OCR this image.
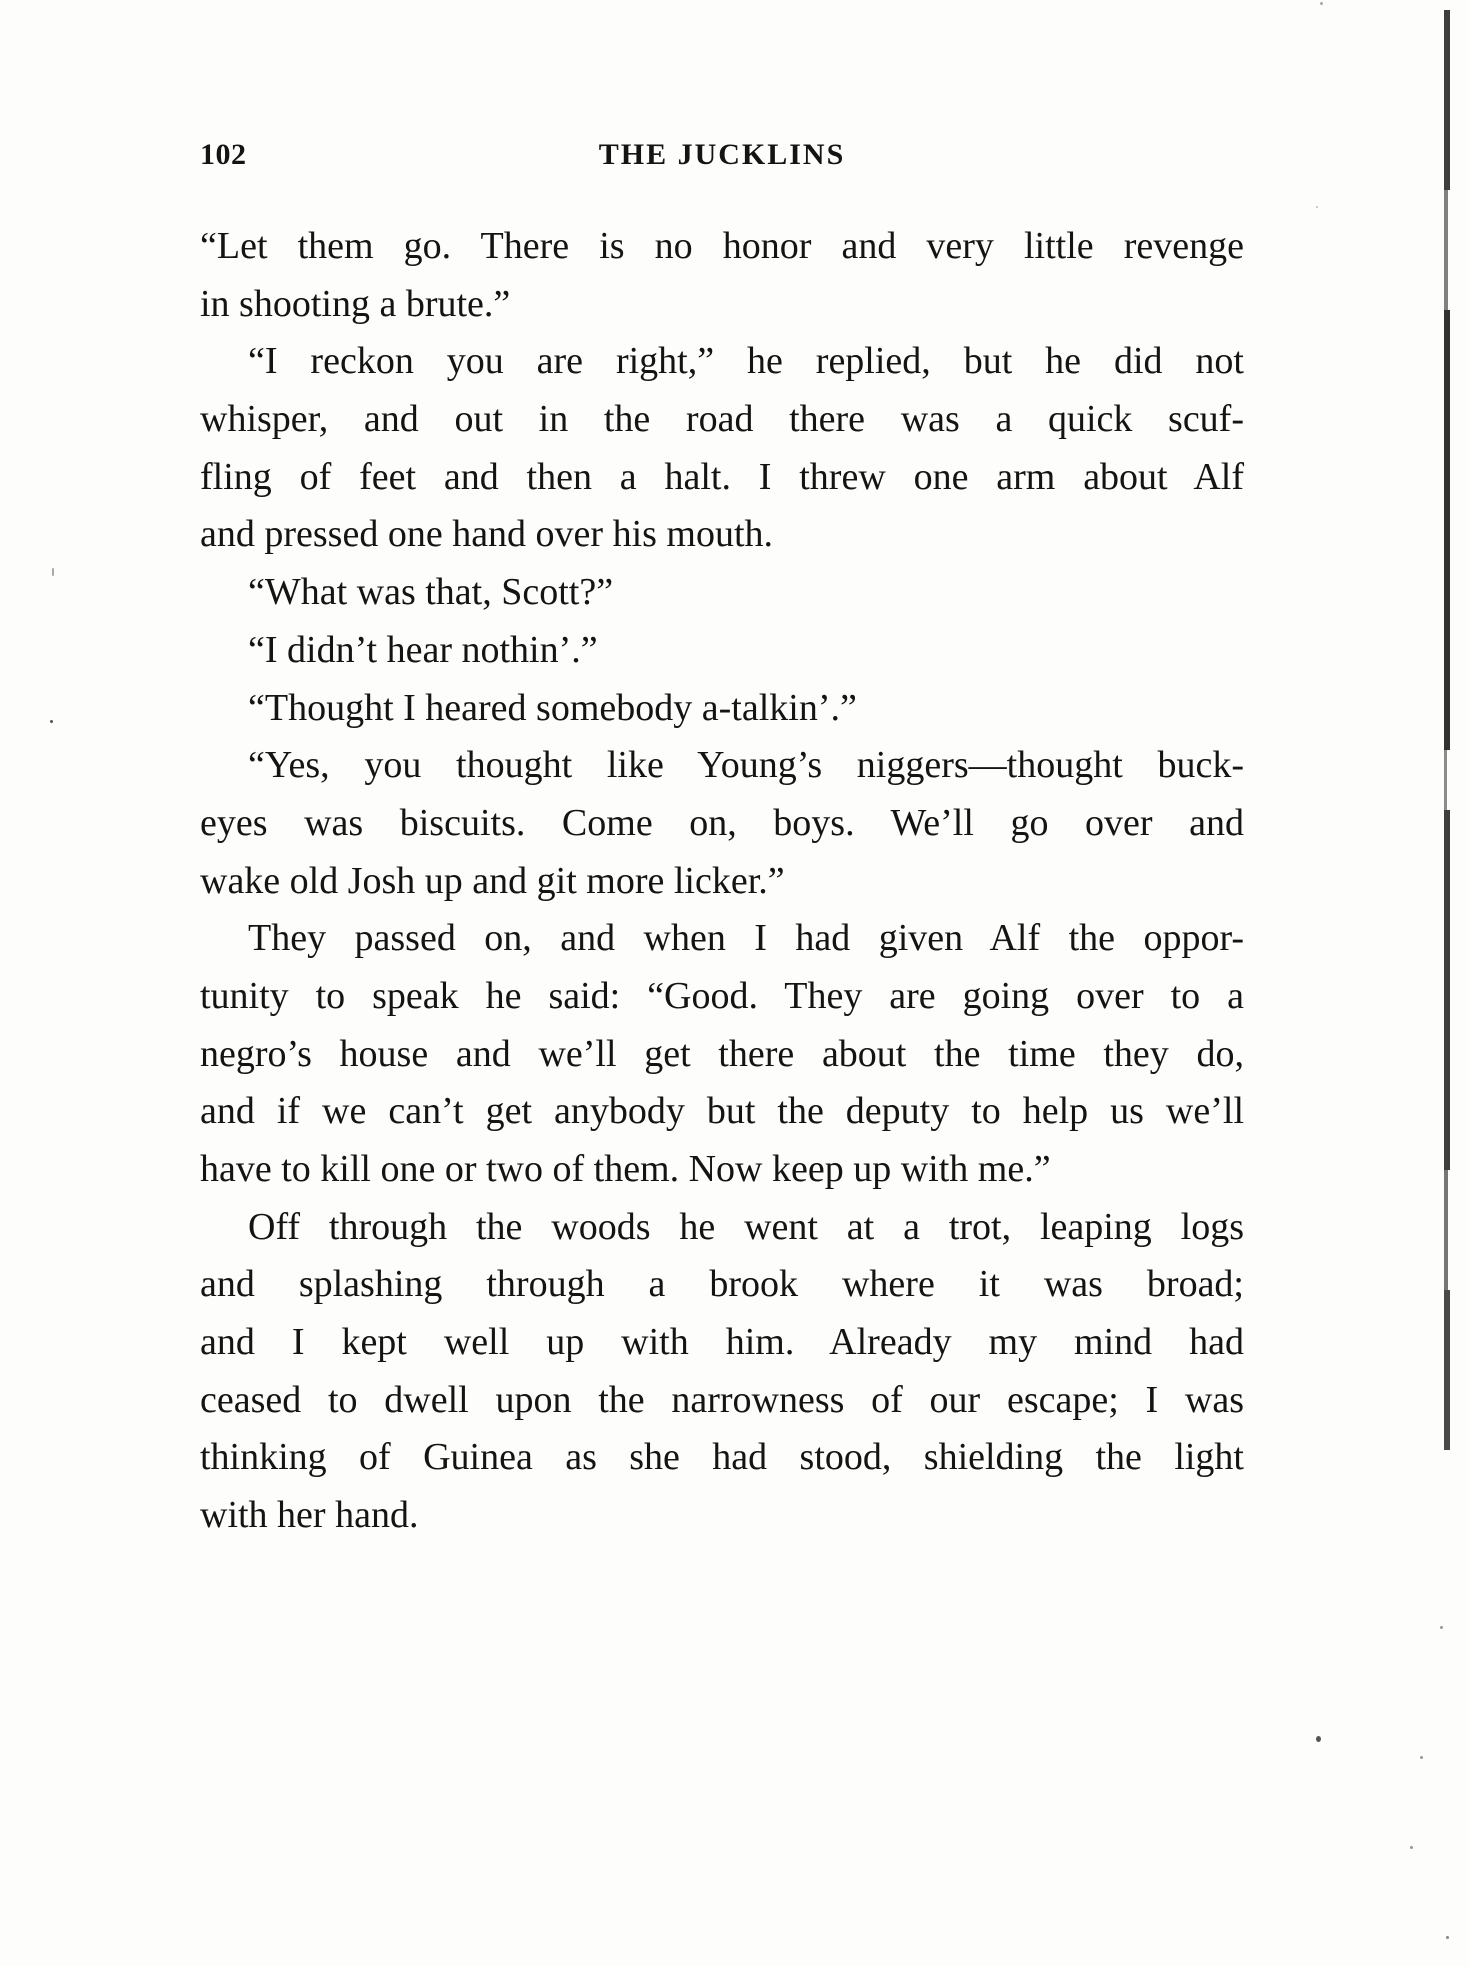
102	THE JUCKLINS
“Let them go. There is no honor and very little revenge
in shooting a brute.”
“I reckon you are right,” he replied, but he did not
whisper, and out in the road there was a quick scuf-
fling of feet and then a halt. I threw one arm about Alf
and pressed one hand over his mouth.
“What was that, Scott?”
“I didn’t hear nothin’.”
“Thought I heared somebody a-talkin’.”
“Yes, you thought like Young’s niggers—thought buck-
eyes was biscuits. Come on, boys. We’ll go over and
wake old Josh up and git more licker.”
They passed on, and when I had given Alf the oppor-
tunity to speak he said: “Good. They are going over to a
negro’s house and we’ll get there about the time they do,
and if we can’t get anybody but the deputy to help us we’ll
have to kill one or two of them. Now keep up with me.”
Off through the woods he went at a trot, leaping logs
and splashing through a brook where it was broad;
and I kept well up with him. Already my mind had
ceased to dwell upon the narrowness of our escape; I was
thinking of Guinea as she had stood, shielding the light
with her hand.
